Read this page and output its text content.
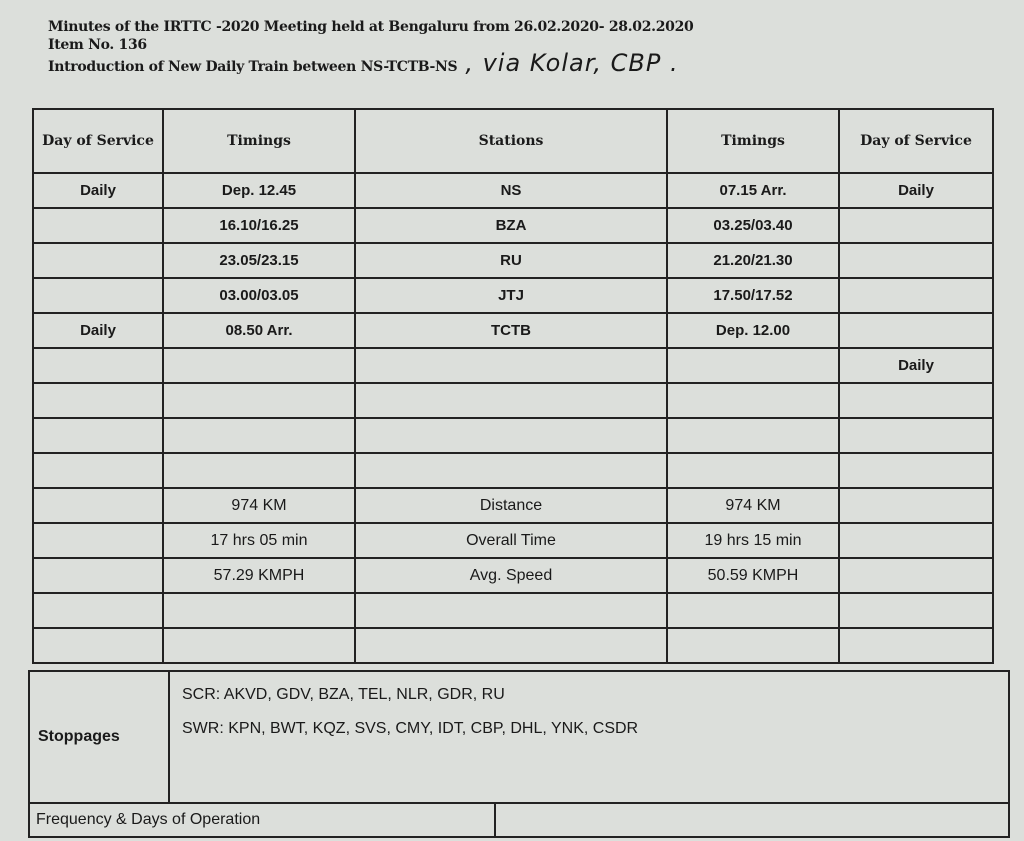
Minutes of the IRTTC -2020 Meeting held at Bengaluru from 26.02.2020- 28.02.2020
Item No. 136
Introduction of New Daily Train between NS-TCTB-NS , via Kolar, CBP .
Day of Service	Timings	Stations	Timings	Day of Service
Daily	Dep. 12.45	NS	07.15 Arr.	Daily
	16.10/16.25	BZA	03.25/03.40	
	23.05/23.15	RU	21.20/21.30	
	03.00/03.05	JTJ	17.50/17.52	
Daily	08.50 Arr.	TCTB	Dep. 12.00	
				Daily

	974 KM	Distance	974 KM	
	17 hrs 05 min	Overall Time	19 hrs 15 min	
	57.29 KMPH	Avg. Speed	50.59 KMPH	

Stoppages	SCR: AKVD, GDV, BZA, TEL, NLR, GDR, RU
SWR: KPN, BWT, KQZ, SVS, CMY, IDT, CBP, DHL, YNK, CSDR	

Frequency & Days of Operation		
